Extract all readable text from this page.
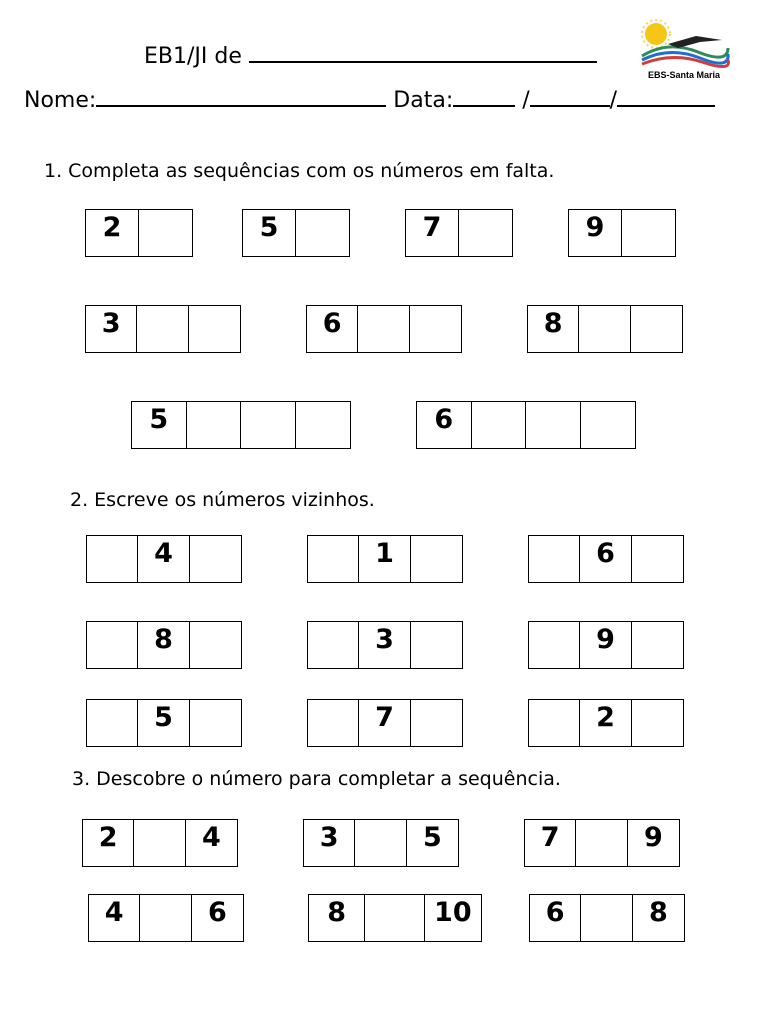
EB1/JI de
EBS-Santa Maria
Nome:	Data:	/	/
1. Completa as sequências com os números em falta.
2. Escreve os números vizinhos.
3. Descobre o número para completar a sequência.
2	5	7	9
3	6	8
5	6
4	1	6
8	3	9
5	7	2
2	4	3	5	7	9
4	6	8	10	6	8
